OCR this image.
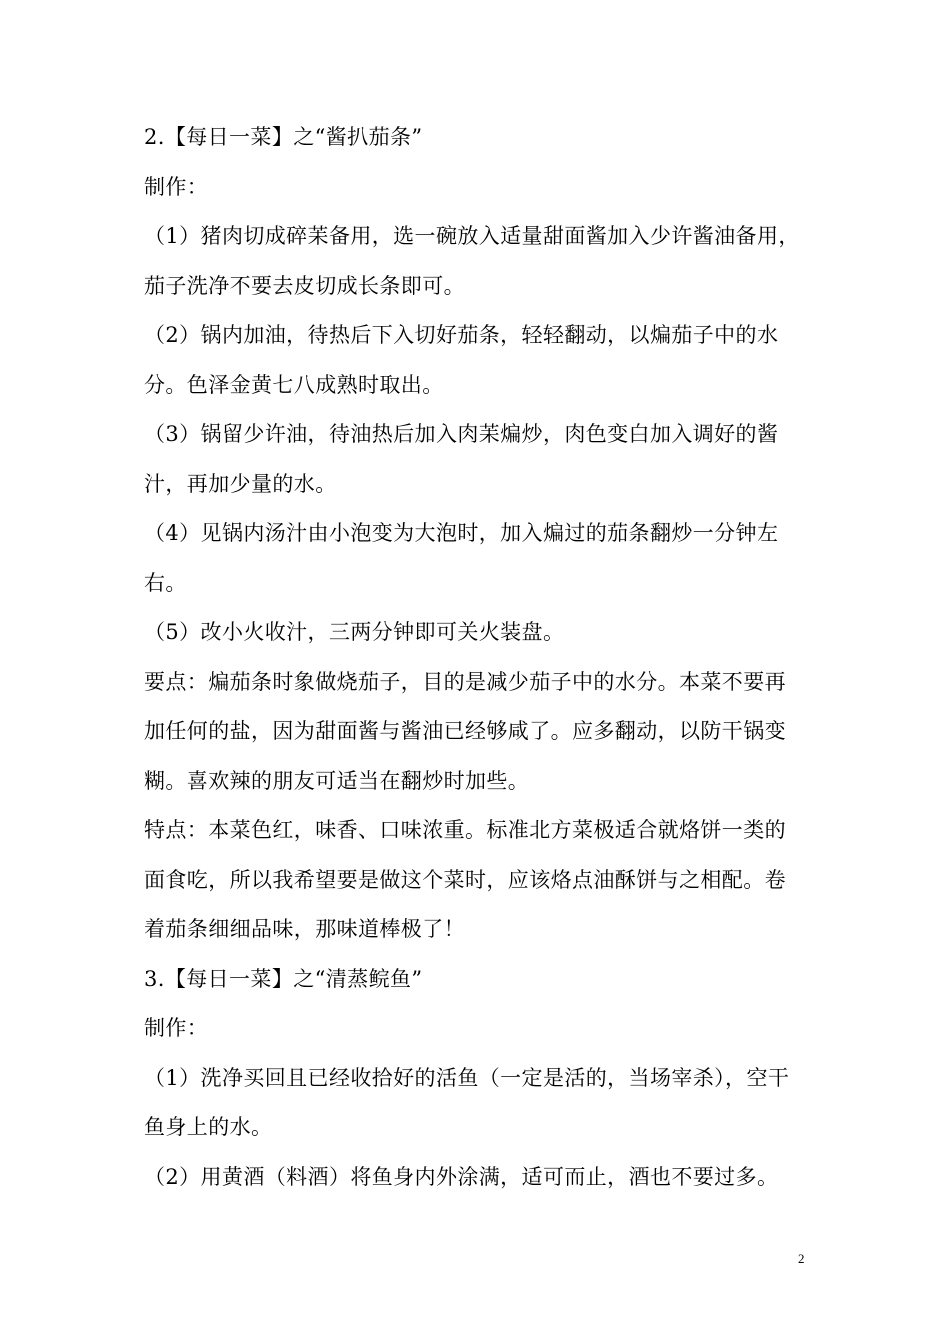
2.【每日一菜】之“酱扒茄条”
制作：
（1）猪肉切成碎苿备用，选一碗放入适量甜面酱加入少许酱油备用，
茄子洗净不要去皮切成长条即可。
（2）锅内加油，待热后下入切好茄条，轻轻翻动，以煸茄子中的水
分。色泽金黄七八成熟时取出。
（3）锅留少许油，待油热后加入肉苿煸炒，肉色变白加入调好的酱
汁，再加少量的水。
（4）见锅内汤汁由小泡变为大泡时，加入煸过的茄条翻炒一分钟左
右。
（5）改小火收汁，三两分钟即可关火装盘。
要点：煸茄条时象做烧茄子，目的是减少茄子中的水分。本菜不要再
加任何的盐，因为甜面酱与酱油已经够咸了。应多翻动，以防干锅变
糊。喜欢辣的朋友可适当在翻炒时加些。
特点：本菜色红，味香、口味浓重。标准北方菜极适合就烙饼一类的
面食吃，所以我希望要是做这个菜时，应该烙点油酥饼与之相配。卷
着茄条细细品味，那味道棒极了！
3.【每日一菜】之“清蒸鲩鱼”
制作：
（1）洗净买回且已经收拾好的活鱼（一定是活的，当场宰杀），空干
鱼身上的水。
（2）用黄酒（料酒）将鱼身内外涂满，适可而止，酒也不要过多。
2
